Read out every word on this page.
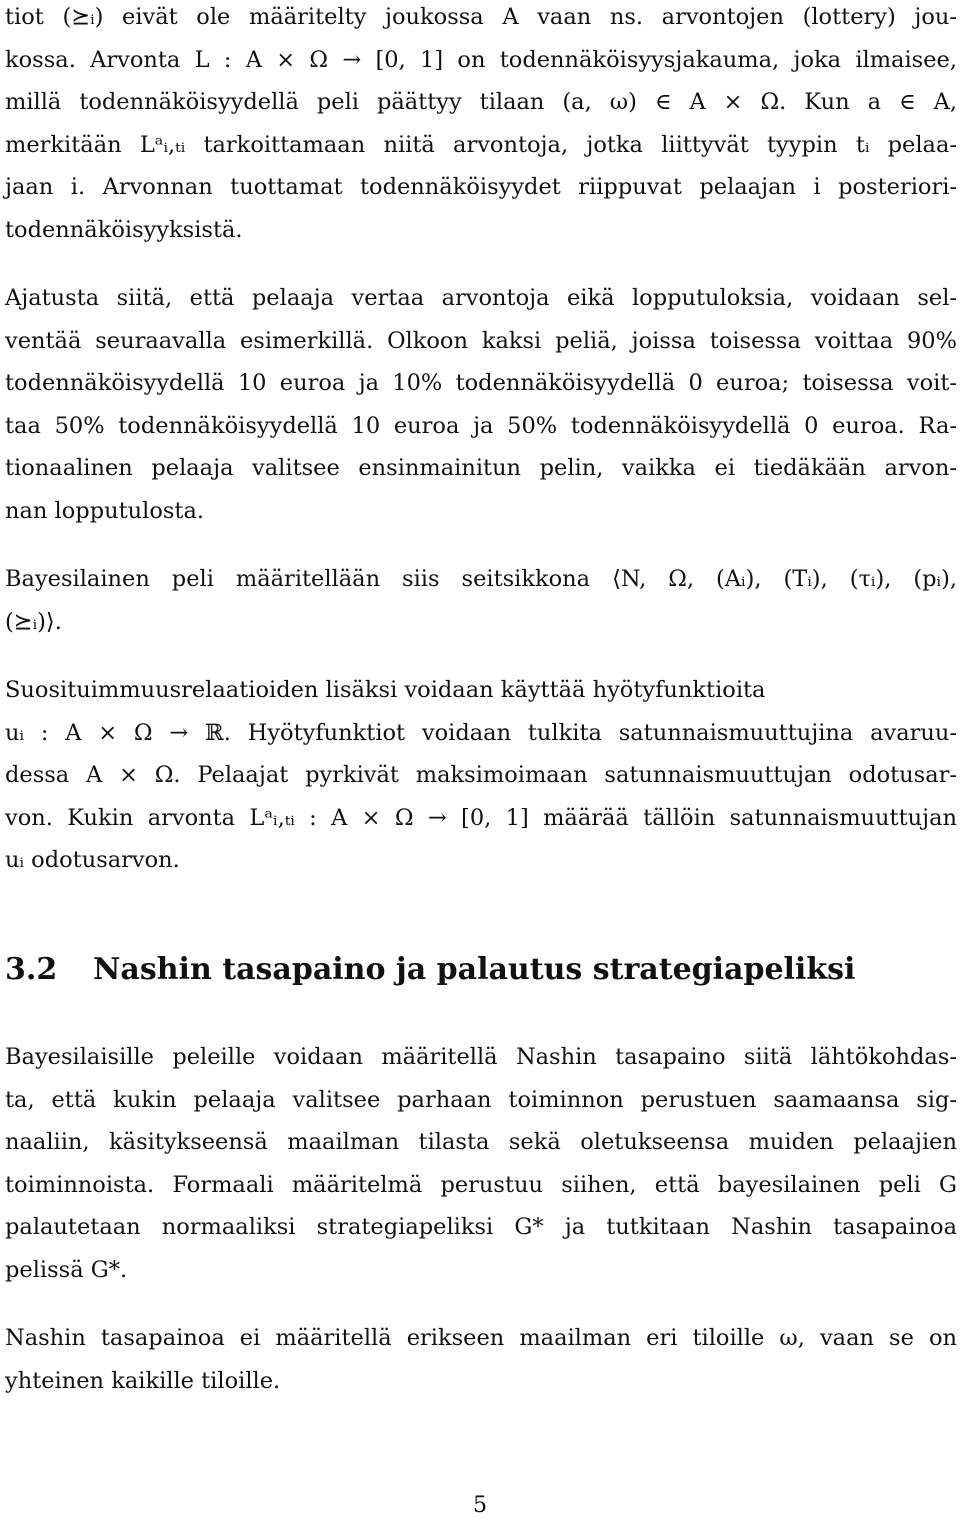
tiot (⪰ᵢ) eivät ole määritelty joukossa A vaan ns. arvontojen (lottery) jou-
kossa. Arvonta L : A × Ω → [0, 1] on todennäköisyysjakauma, joka ilmaisee,
millä todennäköisyydellä peli päättyy tilaan (a, ω) ∈ A × Ω. Kun a ∈ A,
merkitään Lᵃᵢ,ₜᵢ tarkoittamaan niitä arvontoja, jotka liittyvät tyypin tᵢ pelaa-
jaan i. Arvonnan tuottamat todennäköisyydet riippuvat pelaajan i posteriori-
todennäköisyyksistä.

Ajatusta siitä, että pelaaja vertaa arvontoja eikä lopputuloksia, voidaan sel-
ventää seuraavalla esimerkillä. Olkoon kaksi peliä, joissa toisessa voittaa 90%
todennäköisyydellä 10 euroa ja 10% todennäköisyydellä 0 euroa; toisessa voit-
taa 50% todennäköisyydellä 10 euroa ja 50% todennäköisyydellä 0 euroa. Ra-
tionaalinen pelaaja valitsee ensinmainitun pelin, vaikka ei tiedäkään arvon-
nan lopputulosta.

Bayesilainen peli määritellään siis seitsikkona ⟨N, Ω, (Aᵢ), (Tᵢ), (τᵢ), (pᵢ),
(⪰ᵢ)⟩.

Suosituimmuusrelaatioiden lisäksi voidaan käyttää hyötyfunktioita
uᵢ : A × Ω → ℝ. Hyötyfunktiot voidaan tulkita satunnaismuuttujina avaruu-
dessa A × Ω. Pelaajat pyrkivät maksimoimaan satunnaismuuttujan odotusar-
von. Kukin arvonta Lᵃᵢ,ₜᵢ : A × Ω → [0, 1] määrää tällöin satunnaismuuttujan
uᵢ odotusarvon.

3.2 Nashin tasapaino ja palautus strategiapeliksi

Bayesilaisille peleille voidaan määritellä Nashin tasapaino siitä lähtökohdas-
ta, että kukin pelaaja valitsee parhaan toiminnon perustuen saamaansa sig-
naaliin, käsitykseensä maailman tilasta sekä oletukseensa muiden pelaajien
toiminnoista. Formaali määritelmä perustuu siihen, että bayesilainen peli G
palautetaan normaaliksi strategiapeliksi G* ja tutkitaan Nashin tasapainoa
pelissä G*.

Nashin tasapainoa ei määritellä erikseen maailman eri tiloille ω, vaan se on
yhteinen kaikille tiloille.

5
